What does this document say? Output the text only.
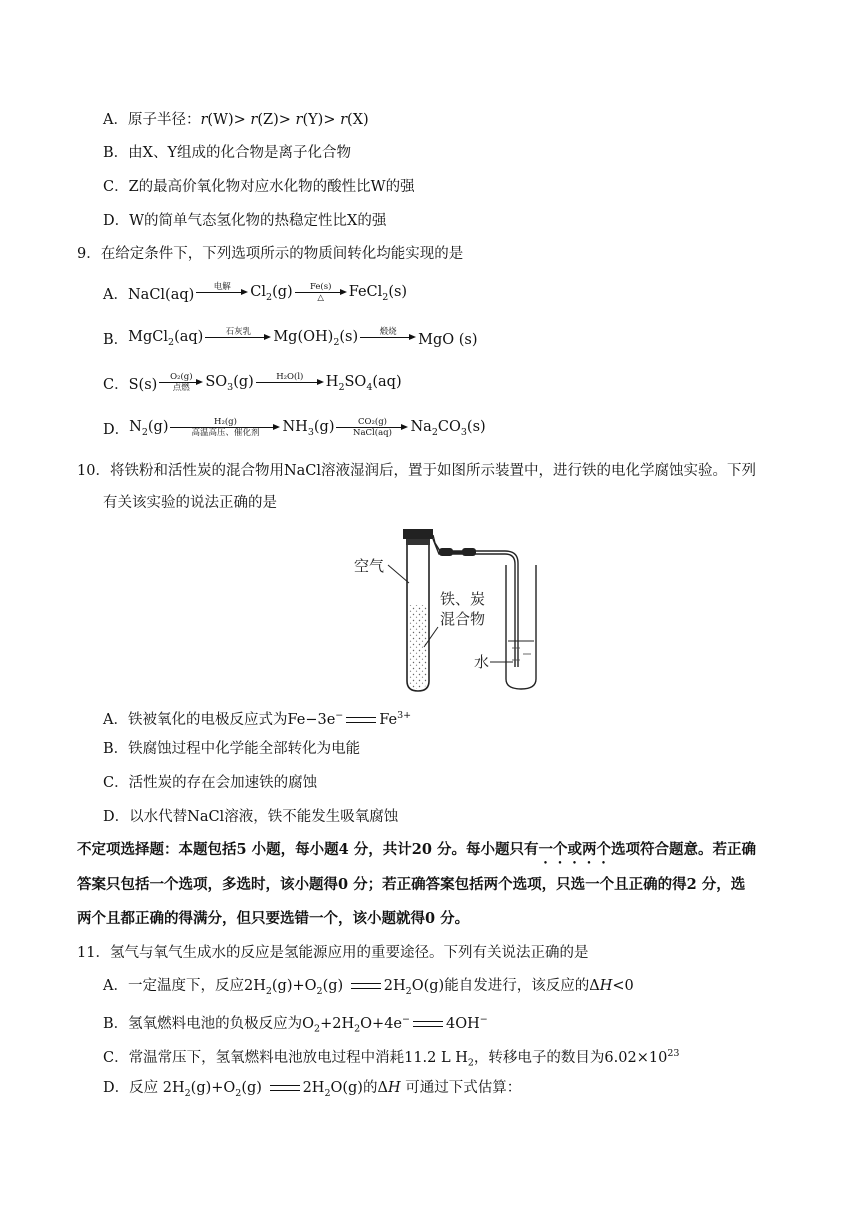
A．原子半径：r(W)> r(Z)> r(Y)> r(X)
B．由X、Y组成的化合物是离子化合物
C．Z的最高价氧化物对应水化物的酸性比W的强
D．W的简单气态氢化物的热稳定性比X的强
9．在给定条件下，下列选项所示的物质间转化均能实现的是
A． NaCl(aq) 电解 $Cl_2(g)$ Fe(s)
△ FeCl$_2$(s)
B． MgCl$_2$(aq)	石灰乳 $Mg(OH)_2(s)$	煅烧 MgO (s)
C． S(s) O₂(g)
点燃 $SO_3(g)$	H₂O(l) $H_2SO_4(aq)$
D． $N_2(g)$	H₂(g)
高温高压、催化剂 $NH_3(g)$	CO₂(g)
NaCl(aq) $Na_2CO_3(s)$
10．将铁粉和活性炭的混合物用NaCl溶液湿润后，置于如图所示装置中，进行铁的电化学腐蚀实验。下列
有关该实验的说法正确的是
空气
铁、炭
混合物
水
A．铁被氧化的电极反应式为Fe−3e− $Fe^{3+}$
B．铁腐蚀过程中化学能全部转化为电能
C．活性炭的存在会加速铁的腐蚀
D．以水代替NaCl溶液，铁不能发生吸氧腐蚀
不定项选择题：本题包括5 小题，每小题4 分，共计20 分。每小题只有一个或两个选项符合题意。若正确
答案只包括一个选项，多选时，该小题得0 分；若正确答案包括两个选项，只选一个且正确的得2 分，选
两个且都正确的得满分，但只要选错一个，该小题就得0 分。
11．氢气与氧气生成水的反应是氢能源应用的重要途径。下列有关说法正确的是
A．一定温度下，反应$2H_2(g)+O_2(g)$ $2H_2O(g)$能自发进行，该反应的ΔH<0
B．氢氧燃料电池的负极反应为$O_2+2H_2O+4e^-$ 4OH−
C．常温常压下，氢氧燃料电池放电过程中消耗11.2 L $H_2$，转移电子的数目为$6.02\times 10^{23}$
D．反应 $2H_2(g)+O_2(g)$ $2H_2O(g)$的ΔH 可通过下式估算：
